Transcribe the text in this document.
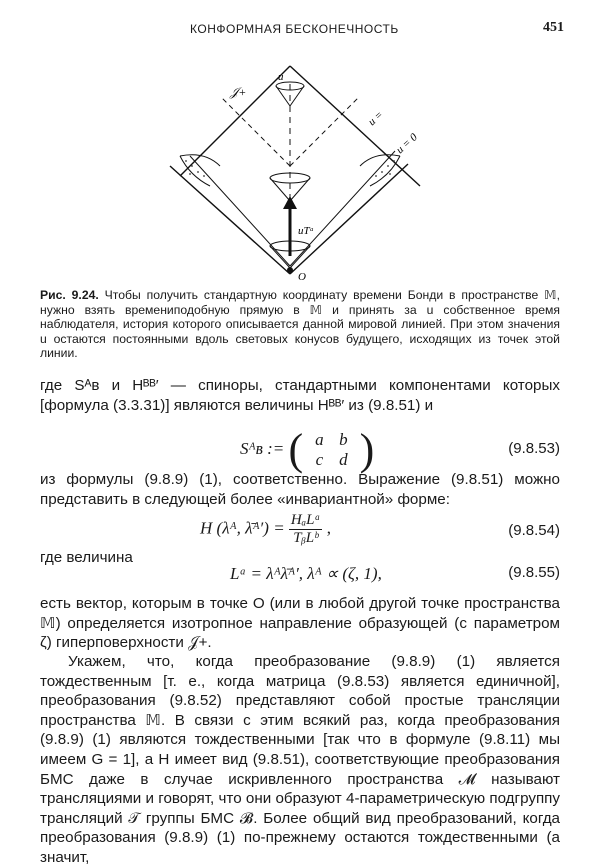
КОНФОРМНАЯ БЕСКОНЕЧНОСТЬ	451
𝒥+
u
u =
u = 0
uTᵃ
O
Рис. 9.24. Чтобы получить стандартную координату времени Бонди в пространстве 𝕄, нужно взять времениподобную прямую в 𝕄 и принять за u собственное время наблюдателя, история которого описывается данной мировой линией. При этом значения u остаются постоянными вдоль световых конусов будущего, исходящих из точек этой линии.

где Sᴬʙ и Hᴮᴮ′ — спиноры, стандартными компонентами которых [формула (3.3.31)] являются величины Hᴮᴮ′ из (9.8.51) и

Sᴬʙ := ( a b
c d )	(9.8.53)

из формулы (9.8.9) (1), соответственно. Выражение (9.8.51) можно представить в следующей более «инвариантной» форме:

H (λᴬ, λ̄ᴬ′) = $\frac{\text{HₐLᵃ}}{\text{TᵦLᵇ}}$ ,	(9.8.54)

где величина

Lᵃ = λᴬλ̄ᴬ′, λᴬ ∝ (ζ, 1),	(9.8.55)

есть вектор, которым в точке O (или в любой другой точке пространства 𝕄) определяется изотропное направление образующей (с параметром ζ) гиперповерхности 𝒥+.

Укажем, что, когда преобразование (9.8.9) (1) является тождественным [т. е., когда матрица (9.8.53) является единичной], преобразования (9.8.52) представляют собой простые трансляции пространства 𝕄. В связи с этим всякий раз, когда преобразования (9.8.9) (1) являются тождественными [так что в формуле (9.8.11) мы имеем G = 1], а H имеет вид (9.8.51), соответствующие преобразования БМС даже в случае искривленного пространства 𝓜 называют трансляциями и говорят, что они образуют 4-параметрическую подгруппу трансляций 𝒯 группы БМС 𝓑. Более общий вид преобразований, когда преобразования (9.8.9) (1) по-прежнему остаются тождественными (а значит,
